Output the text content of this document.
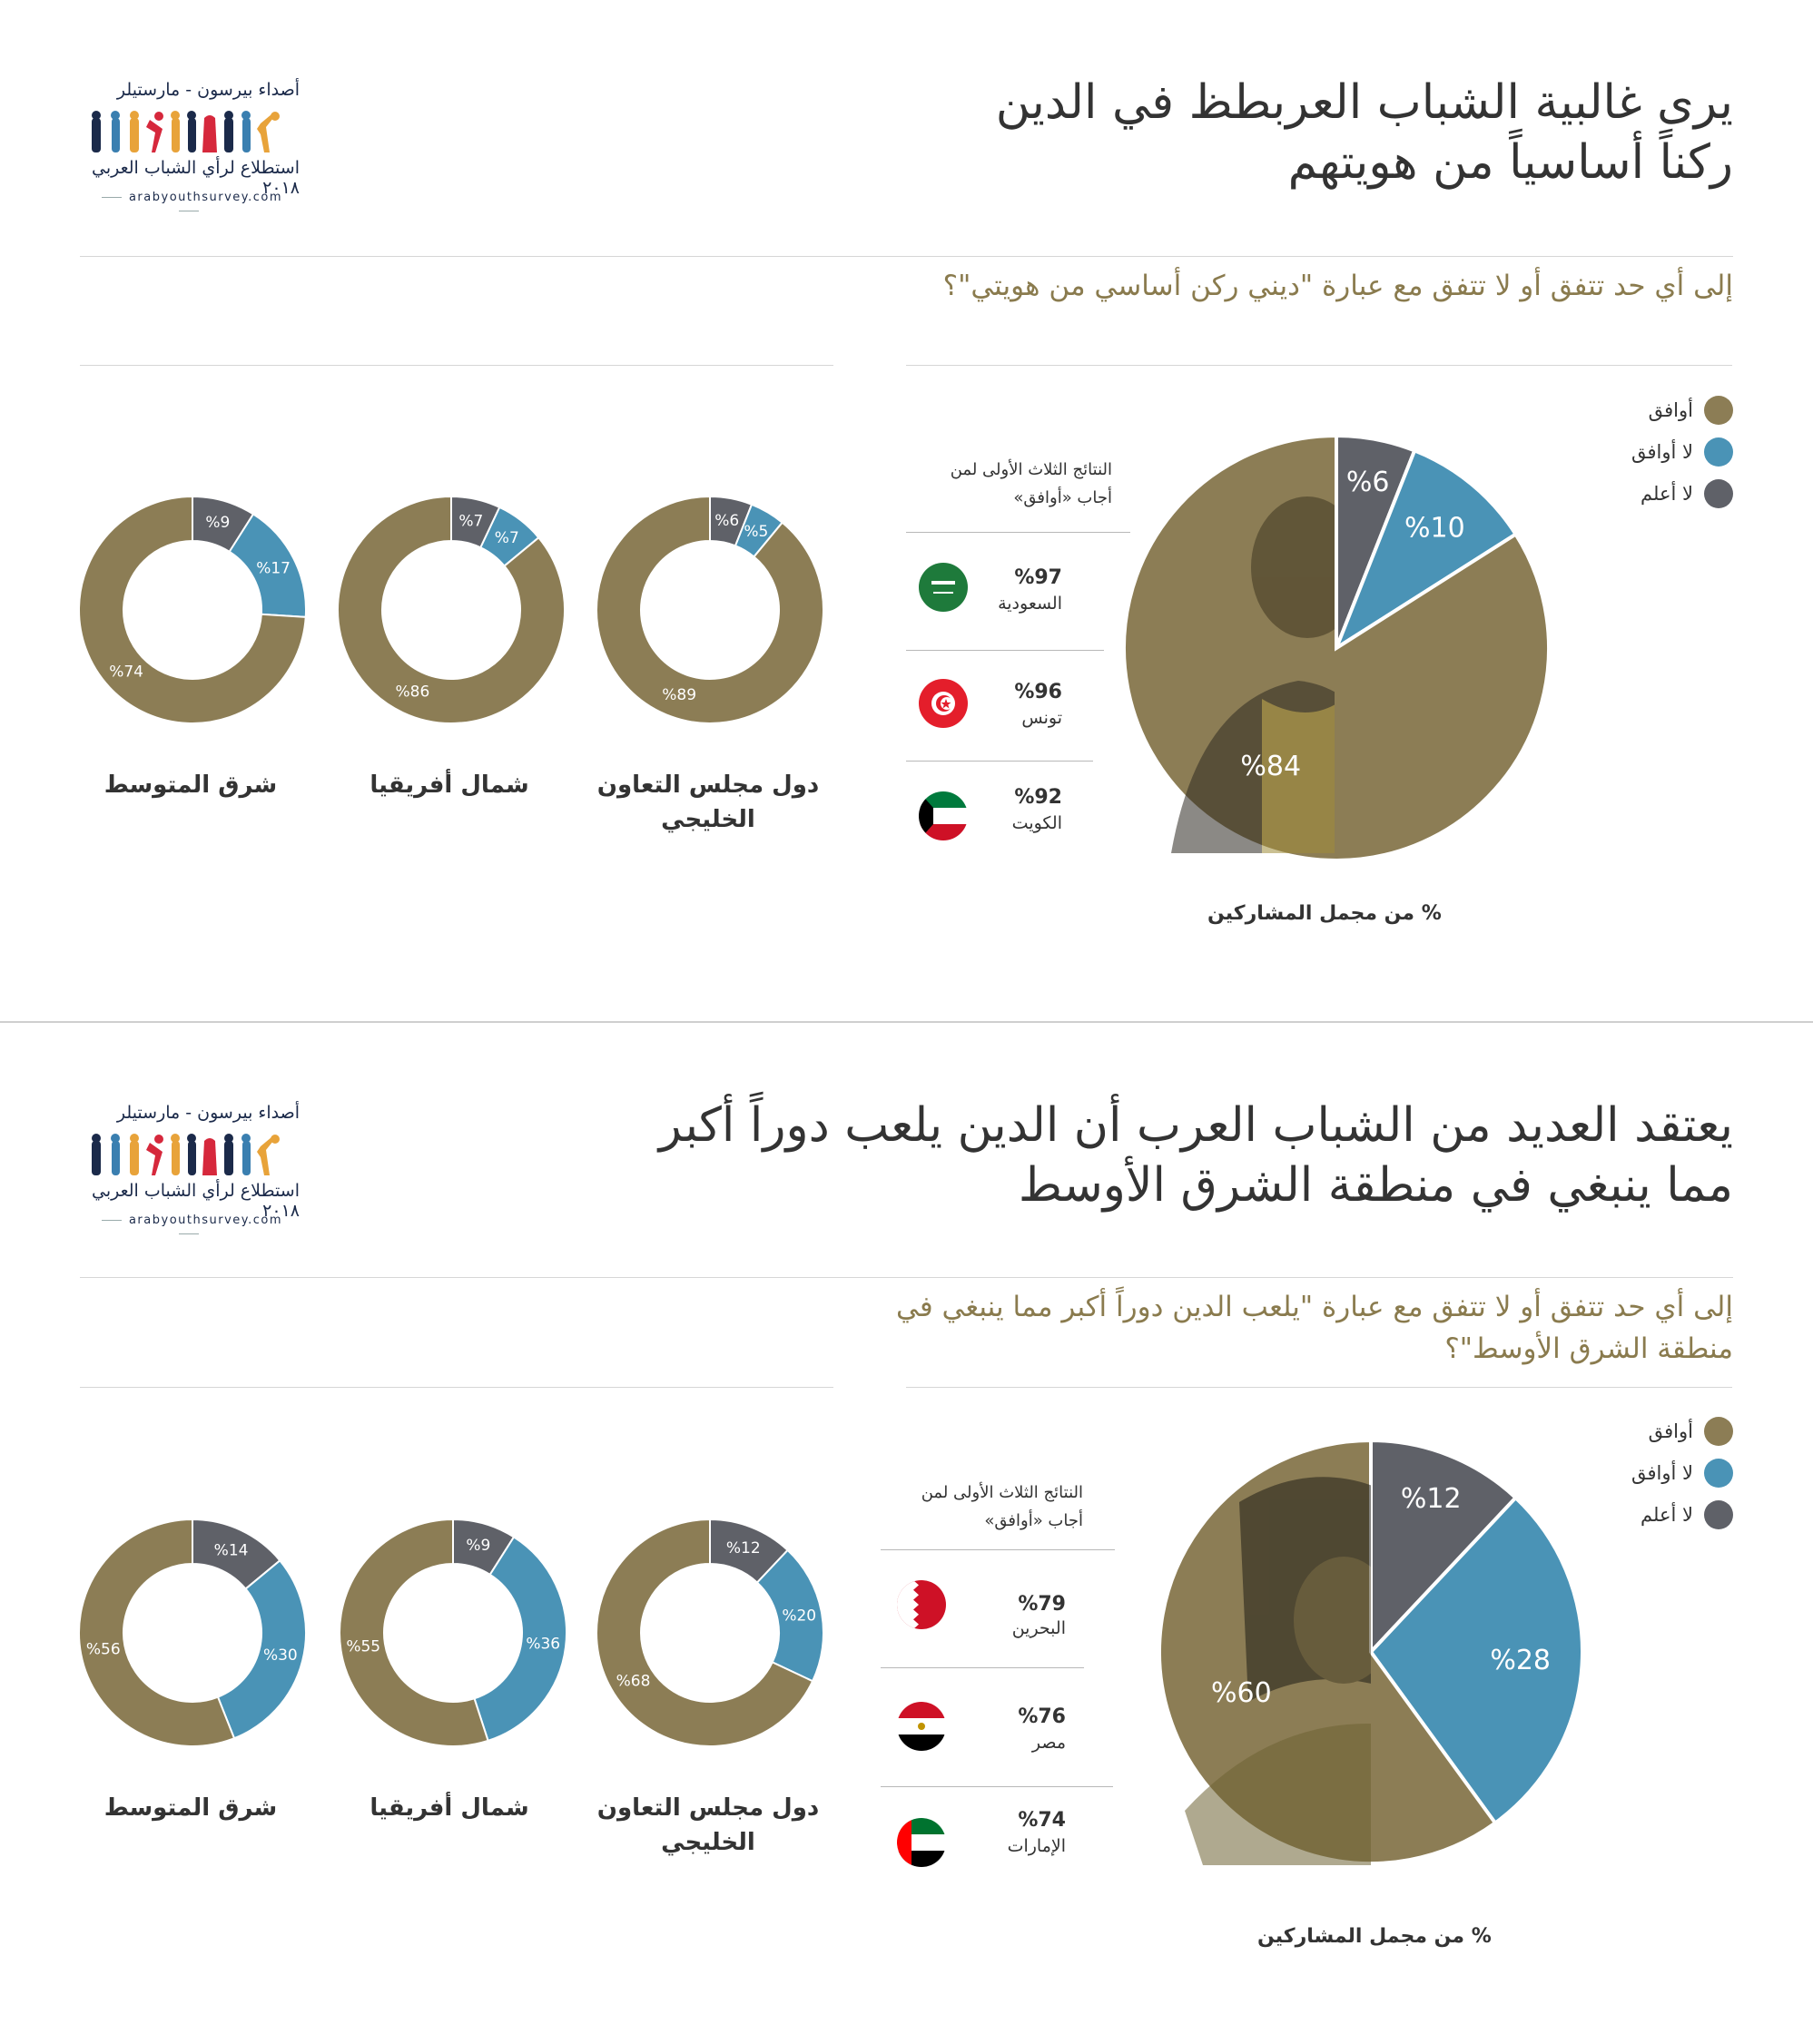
أصداء بيرسون - مارستيلر
استطلاع لرأي الشباب العربي ٢٠١٨
arabyouthsurvey.com
يرى غالبية الشباب العربطظ في الدين
ركناً أساسياً من هويتهم
إلى أي حد تتفق أو لا تتفق مع عبارة "ديني ركن أساسي من هويتي"؟
أوافق
لا أوافق
لا أعلم
%6
%10
%84
النتائج الثلاث الأولى لمن
أجاب «أوافق»
%97
السعودية
%96
تونس
%92
الكويت
% من مجمل المشاركين
%6
%5
%89
%7
%7
%86
%9
%17
%74
دول مجلس التعاون الخليجي
شمال أفريقيا
شرق المتوسط
أصداء بيرسون - مارستيلر
استطلاع لرأي الشباب العربي ٢٠١٨
arabyouthsurvey.com
يعتقد العديد من الشباب العرب أن الدين يلعب دوراً أكبر
مما ينبغي في منطقة الشرق الأوسط
إلى أي حد تتفق أو لا تتفق مع عبارة "يلعب الدين دوراً أكبر مما ينبغي في
منطقة الشرق الأوسط"؟
أوافق
لا أوافق
لا أعلم
%12
%28
%60
النتائج الثلاث الأولى لمن
أجاب «أوافق»
%79
البحرين
%76
مصر
%74
الإمارات
% من مجمل المشاركين
%12
%20
%68
%9
%36
%55
%14
%30
%56
دول مجلس التعاون الخليجي
شمال أفريقيا
شرق المتوسط
